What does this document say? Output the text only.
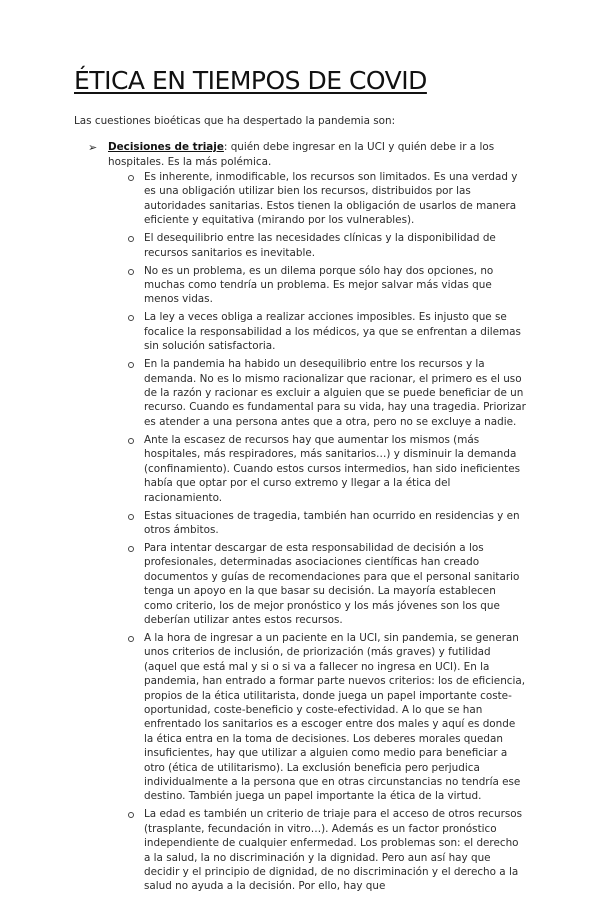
ÉTICA EN TIEMPOS DE COVID
Las cuestiones bioéticas que ha despertado la pandemia son:
➢	Decisiones de triaje: quién debe ingresar en la UCI y quién debe ir a los hospitales. Es la más polémica.
Es inherente, inmodificable, los recursos son limitados. Es una verdad y es una obligación utilizar bien los recursos, distribuidos por las autoridades sanitarias. Estos tienen la obligación de usarlos de manera eficiente y equitativa (mirando por los vulnerables).
El desequilibrio entre las necesidades clínicas y la disponibilidad de recursos sanitarios es inevitable.
No es un problema, es un dilema porque sólo hay dos opciones, no muchas como tendría un problema. Es mejor salvar más vidas que menos vidas.
La ley a veces obliga a realizar acciones imposibles. Es injusto que se focalice la responsabilidad a los médicos, ya que se enfrentan a dilemas sin solución satisfactoria.
En la pandemia ha habido un desequilibrio entre los recursos y la demanda. No es lo mismo racionalizar que racionar, el primero es el uso de la razón y racionar es excluir a alguien que se puede beneficiar de un recurso. Cuando es fundamental para su vida, hay una tragedia. Priorizar es atender a una persona antes que a otra, pero no se excluye a nadie.
Ante la escasez de recursos hay que aumentar los mismos (más hospitales, más respiradores, más sanitarios…) y disminuir la demanda (confinamiento). Cuando estos cursos intermedios, han sido ineficientes había que optar por el curso extremo y llegar a la ética del racionamiento.
Estas situaciones de tragedia, también han ocurrido en residencias y en otros ámbitos.
Para intentar descargar de esta responsabilidad de decisión a los profesionales, determinadas asociaciones científicas han creado documentos y guías de recomendaciones para que el personal sanitario tenga un apoyo en la que basar su decisión. La mayoría establecen como criterio, los de mejor pronóstico y los más jóvenes son los que deberían utilizar antes estos recursos.
A la hora de ingresar a un paciente en la UCI, sin pandemia, se generan unos criterios de inclusión, de priorización (más graves) y futilidad (aquel que está mal y si o si va a fallecer no ingresa en UCI). En la pandemia, han entrado a formar parte nuevos criterios: los de eficiencia, propios de la ética utilitarista, donde juega un papel importante coste-oportunidad, coste-beneficio y coste-efectividad. A lo que se han enfrentado los sanitarios es a escoger entre dos males y aquí es donde la ética entra en la toma de decisiones. Los deberes morales quedan insuficientes, hay que utilizar a alguien como medio para beneficiar a otro (ética de utilitarismo). La exclusión beneficia pero perjudica individualmente a la persona que en otras circunstancias no tendría ese destino. También juega un papel importante la ética de la virtud.
La edad es también un criterio de triaje para el acceso de otros recursos (trasplante, fecundación in vitro…). Además es un factor pronóstico independiente de cualquier enfermedad. Los problemas son: el derecho a la salud, la no discriminación y la dignidad. Pero aun así hay que decidir y el principio de dignidad, de no discriminación y el derecho a la salud no ayuda a la decisión. Por ello, hay que
